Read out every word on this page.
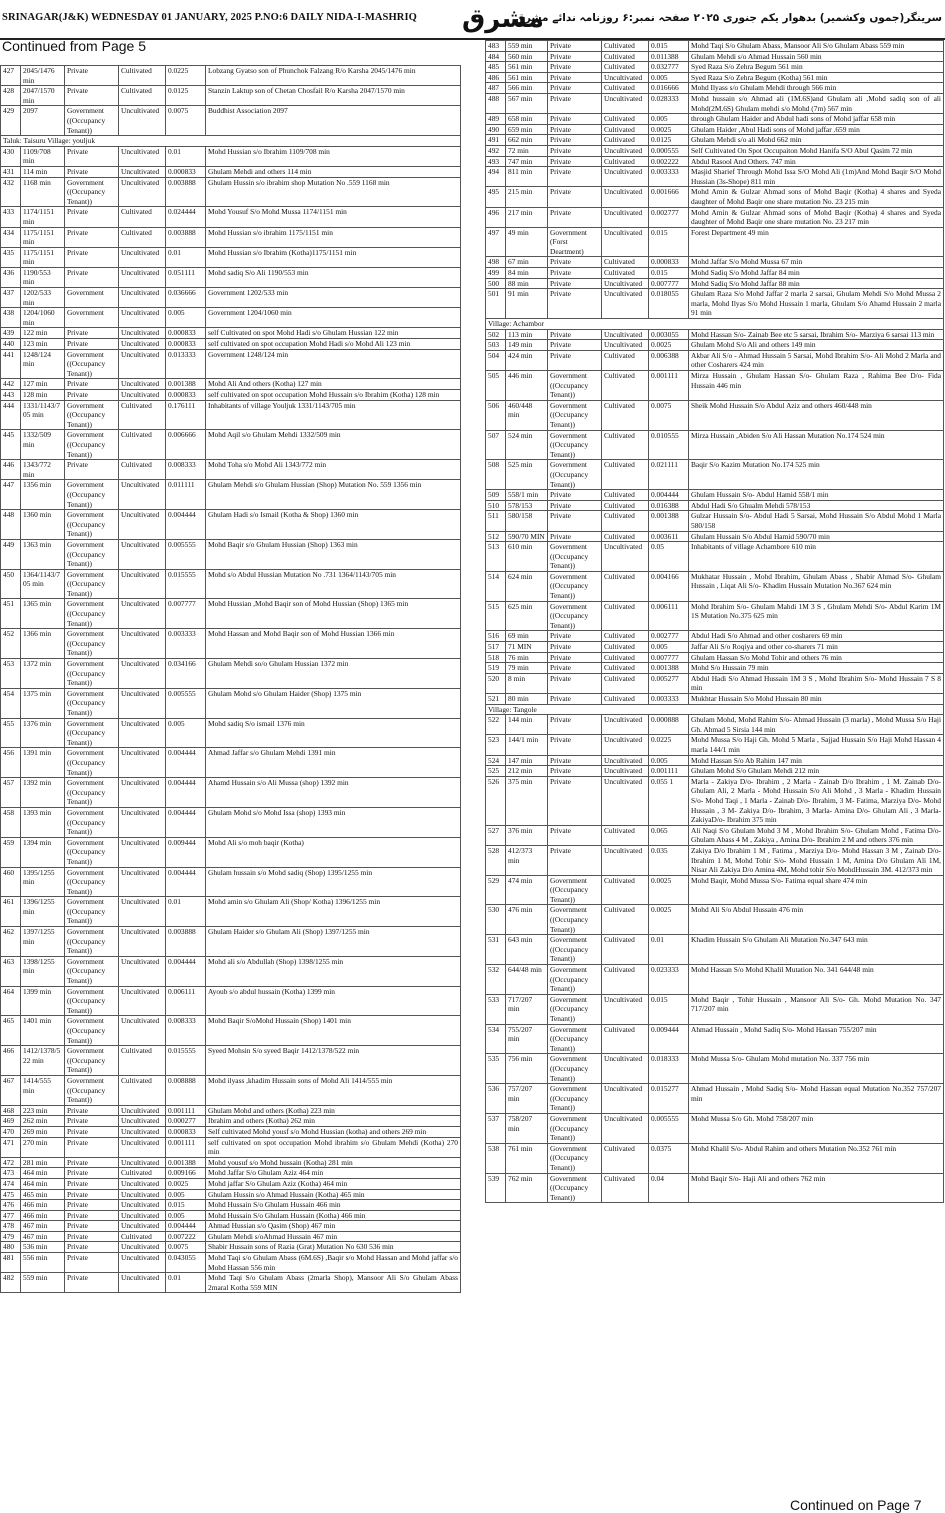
SRINAGAR(J&K) WEDNESDAY 01 JANUARY, 2025 P.NO:6 DAILY NIDA-I-MASHRIQ	مشرق
سرینگر(جموں وکشمیر) بدھوار یکم جنوری ۲۰۲۵ صفحہ نمبر:۶ روزنامہ ندائے مشرق
Continued from Page 5
427	2045/1476 min	Private	Cultivated	0.0225	Lobzang Gyatso son of Phunchok Falzang R/o Karsha 2045/1476 min
428	2047/1570 min	Private	Cultivated	0.0125	Stanzin Laktup son of Chetan Chosfail R/o Karsha 2047/1570 min
429	2097	Government ((Occupancy Tenant))	Uncultivated	0.0075	Buddhist Association 2097
Taluk: Taisuru Village: youljuk					
430	1109/708 min	Private	Uncultivated	0.01	Mohd Hussian s/o Ibrahim 1109/708 min
431	114 min	Private	Uncultivated	0.000833	Ghulam Mehdi and others 114 min
432	1168 min	Government ((Occupancy Tenant))	Uncultivated	0.003888	Ghulam Hussin s/o ibrahim shop Mutation No .559 1168 min
433	1174/1151 min	Private	Cultivated	0.024444	Mohd Yousuf S/o Mohd Mussa 1174/1151 min
434	1175/1151 min	Private	Cultivated	0.003888	Mohd Hussian s/o ibrahim 1175/1151 min
435	1175/1151 min	Private	Uncultivated	0.01	Mohd Hussian s/o Ibrahim (Kotha)1175/1151 min
436	1190/553 min	Private	Uncultivated	0.051111	Mohd sadiq S/o Ali 1190/553 min
437	1202/533 min	Government	Uncultivated	0.036666	Government 1202/533 min
438	1204/1060 min	Government	Uncultivated	0.005	Government 1204/1060 min
439	122 min	Private	Uncultivated	0.000833	self Cultivated on spot Mohd Hadi s/o Ghulam Hussian 122 min
440	123 min	Private	Uncultivated	0.000833	self cultivated on spot occupation Mohd Hadi s/o Mohd Ali 123 min
441	1248/124 min	Government ((Occupancy Tenant))	Uncultivated	0.013333	Government 1248/124 min
442	127 min	Private	Uncultivated	0.001388	Mohd Ali And others (Kotha) 127 min
443	128 min	Private	Uncultivated	0.000833	self cultivated on spot occupation Mohd Hussain s/o Ibrahim (Kotha) 128 min
444	1331/1143/705 min	Government ((Occupancy Tenant))	Cultivated	0.176111	Inhabitants of village Youljuk 1331/1143/705 min
445	1332/509 min	Government ((Occupancy Tenant))	Cultivated	0.006666	Mohd Aqil s/o Ghulam Mehdi 1332/509 min
446	1343/772 min	Private	Cultivated	0.008333	Mohd Toha s/o Mohd Ali 1343/772 min
447	1356 min	Government ((Occupancy Tenant))	Uncultivated	0.011111	Ghulam Mehdi s/o Ghulam Hussian (Shop) Mutation No. 559 1356 min
448	1360 min	Government ((Occupancy Tenant))	Uncultivated	0.004444	Ghulam Hadi s/o Ismail (Kotha & Shop) 1360 min
449	1363 min	Government ((Occupancy Tenant))	Uncultivated	0.005555	Mohd Baqir s/o Ghulam Hussian (Shop) 1363 min
450	1364/1143/705 min	Government ((Occupancy Tenant))	Uncultivated	0.015555	Mohd s/o Abdul Hussian Mutation No .731 1364/1143/705 min
451	1365 min	Government ((Occupancy Tenant))	Uncultivated	0.007777	Mohd Hussian ,Mohd Baqir son of Mohd Hussian (Shop) 1365 min
452	1366 min	Government ((Occupancy Tenant))	Uncultivated	0.003333	Mohd Hassan and Mohd Baqir son of Mohd Hussian 1366 min
453	1372 min	Government ((Occupancy Tenant))	Uncultivated	0.034166	Ghulam Mehdi so/o Ghulam Hussian 1372 min
454	1375 min	Government ((Occupancy Tenant))	Uncultivated	0.005555	Ghulam Mohd s/o Ghulam Haider (Shop) 1375 min
455	1376 min	Government ((Occupancy Tenant))	Uncultivated	0.005	Mohd sadiq S/o ismail 1376 min
456	1391 min	Government ((Occupancy Tenant))	Uncultivated	0.004444	Ahmad Jaffar s/o Ghulam Mehdi 1391 min
457	1392 min	Government ((Occupancy Tenant))	Uncultivated	0.004444	Ahamd Hussain s/o Ali Mussa (shop) 1392 min
458	1393 min	Government ((Occupancy Tenant))	Uncultivated	0.004444	Ghulam Mohd s/o Mohd Issa (shop) 1393 min
459	1394 min	Government ((Occupancy Tenant))	Uncultivated	0.009444	Mohd Ali s/o moh baqir (Kotha)
460	1395/1255 min	Government ((Occupancy Tenant))	Uncultivated	0.004444	Ghulam hussain s/o Mohd sadiq (Shop) 1395/1255 min
461	1396/1255 min	Government ((Occupancy Tenant))	Uncultivated	0.01	Mohd amin s/o Ghulam Ali (Shop/ Kotha) 1396/1255 min
462	1397/1255 min	Government ((Occupancy Tenant))	Uncultivated	0.003888	Ghulam Haider s/o Ghulam Ali (Shop) 1397/1255 min
463	1398/1255 min	Government ((Occupancy Tenant))	Uncultivated	0.004444	Mohd ali s/o Abdullah (Shop) 1398/1255 min
464	1399 min	Government ((Occupancy Tenant))	Uncultivated	0.006111	Ayoub s/o abdul hussain (Kotha) 1399 min
465	1401 min	Government ((Occupancy Tenant))	Uncultivated	0.008333	Mohd Baqir S/oMohd Hussain (Shop) 1401 min
466	1412/1378/522 min	Government ((Occupancy Tenant))	Cultivated	0.015555	Syeed Mohsin S/o syeed Baqir 1412/1378/522 min
467	1414/555 min	Government ((Occupancy Tenant))	Cultivated	0.008888	Mohd ilyass ,khadim Hussain sons of Mohd Ali 1414/555 min
468	223 min	Private	Uncultivated	0.001111	Ghulam Mohd and others (Kotha) 223 min
469	262 min	Private	Uncultivated	0.000277	Ibrahim and others (Kotha) 262 min
470	269 min	Private	Uncultivated	0.000833	Self cultivated Mohd yousf s/o Mohd Hussian (kotha) and others 269 min
471	270 min	Private	Uncultivated	0.001111	self cultivated on spot occupation Mohd ibrahim s/o Ghulam Mehdi (Kotha) 270 min
472	281 min	Private	Uncultivated	0.001388	Mohd yousuf s/o Mohd hussain (Kotha) 281 min
473	464 min	Private	Cultivated	0.009166	Mohd Jaffar S/o Ghulam Aziz 464 min
474	464 min	Private	Uncultivated	0.0025	Mohd jaffar S/o Ghulam Aziz (Kotha) 464 min
475	465 min	Private	Uncultivated	0.005	Ghulam Hussin s/o Ahmad Hussain (Kotha) 465 min
476	466 min	Private	Uncultivated	0.015	Mohd Hussain S/o Ghulam Hussain 466 min
477	466 min	Private	Uncultivated	0.005	Mohd Hussain S/o Ghulam Hussain (Kotha) 466 min
478	467 min	Private	Uncultivated	0.004444	Ahmad Hussian s/o Qasim (Shop) 467 min
479	467 min	Private	Cultivated	0.007222	Ghulam Mehdi s/oAhmad Hussain 467 min
480	536 min	Private	Uncultivated	0.0075	Shabir Hussain sons of Razia (Grat) Mutation No 630 536 min
481	556 min	Private	Uncultivated	0.043055	Mohd Taqi s/o Ghulam Abass (6M.6S) ,Baqir s/o Mohd Hassan and Mohd jaffar s/o Mohd Hassan 556 min
482	559 min	Private	Uncultivated	0.01	Mohd Taqi S/o Ghulam Abass (2marla Shop), Mansoor Ali S/o Ghulam Abass 2maral Kotha 559 MIN
483	559 min	Private	Cultivated	0.015	Mohd Taqi S/o Ghulam Abass, Mansoor Ali S/o Ghulam Abass 559 min
484	560 min	Private	Cultivated	0.011388	Ghulam Mehdi s/o Ahmad Hussain 560 min
485	561 min	Private	Cultivated	0.032777	Syed Raza S/o Zehra Begum 561 min
486	561 min	Private	Uncultivated	0.005	Syed Raza S/o Zehra Begum (Kotha) 561 min
487	566 min	Private	Cultivated	0.016666	Mohd Ilyass s/o Ghulam Mehdi through 566 min
488	567 min	Private	Uncultivated	0.028333	Mohd hussain s/o Ahmad ali (1M.6S)and Ghulam ali ,Mohd sadiq son of ali Mohd(2M.6S) Ghulam mehdi s/o Mohd (7m) 567 min
489	658 min	Private	Cultivated	0.005	through Ghulam Haider and Abdul hadi sons of Mohd jaffar 658 min
490	659 min	Private	Cultivated	0.0025	Ghulam Haider ,Abul Hadi sons of Mohd jaffar .659 min
491	662 min	Private	Cultivated	0.0125	Ghulam Mehdi s/o ali Mohd 662 min
492	72 min	Private	Uncultivated	0.000555	Self Cultivated On Spot Occupaiton Mohd Hanifa S/O Abul Qasim 72 min
493	747 min	Private	Cultivated	0.002222	Abdul Rasool And Others. 747 min
494	811 min	Private	Uncultivated	0.003333	Masjid Sharief Through Mohd Issa S/O Mohd Ali (1m)And Mohd Baqir S/O Mohd Hussian (3s-Shope) 811 min
495	215 min	Private	Uncultivated	0.001666	Mohd Amin & Gulzar Ahmad sons of Mohd Baqir (Kotha) 4 shares and Syeda daughter of Mohd Baqir one share mutation No. 23 215 min
496	217 min	Private	Uncultivated	0.002777	Mohd Amin & Gulzar Ahmad sons of Mohd Baqir (Kotha) 4 shares and Syeda daughter of Mohd Baqir one share mutation No. 23 217 min
497	49 min	Government (Forst Deartment)	Uncultivated	0.015	Forest Department 49 min
498	67 min	Private	Cultivated	0.000833	Mohd Jaffar S/o Mohd Mussa 67 min
499	84 min	Private	Cultivated	0.015	Mohd Sadiq S/o Mohd Jaffar 84 min
500	88 min	Private	Uncultivated	0.007777	Mohd Sadiq S/o Mohd Jaffar 88 min
501	91 min	Private	Uncultivated	0.018055	Ghulam Raza S/o Mohd Jaffar 2 marla 2 sarsai, Ghulam Mehdi S/o Mohd Mussa 2 marla, Mohd Ilyas S/o Mohd Hussain 1 marla, Ghulam S/o Ahamd Hussain 2 marla 91 min
Village: Achambor					
502	113 min	Private	Uncultivated	0.003055	Mohd Hassan S/o- Zainab Bee etc 5 sarsai, Ibrahim S/o- Marziya 6 sarsai 113 min
503	149 min	Private	Uncultivated	0.0025	Ghulam Mohd S/o Ali and others 149 min
504	424 min	Private	Cultivated	0.006388	Akbar Ali S/o - Ahmad Hussain 5 Sarsai, Mohd Ibrahim S/o- Ali Mohd 2 Marla and other Cosharers 424 min
505	446 min	Government ((Occupancy Tenant))	Cultivated	0.001111	Mirza Hussain , Ghulam Hassan S/o- Ghulam Raza , Rahima Bee D/o- Fida Hussain 446 min
506	460/448 min	Government ((Occupancy Tenant))	Cultivated	0.0075	Sheik Mohd Hussain S/o Abdul Aziz and others 460/448 min
507	524 min	Government ((Occupancy Tenant))	Cultivated	0.010555	Mirza Hussain ,Abiden S/o Ali Hassan Mutation No.174 524 min
508	525 min	Government ((Occupancy Tenant))	Cultivated	0.021111	Baqir S/o Kazim Mutation No.174 525 min
509	558/1 min	Private	Cultivated	0.004444	Ghulam Hussain S/o- Abdul Hamid 558/1 min
510	578/153	Private	Cultivated	0.016388	Abdul Hadi S/o Ghualm Mehdi 578/153
511	580/158	Private	Cultivated	0.001388	Gulzar Hussain S/o- Abdul Hadi 5 Sarsai, Mohd Hussain S/o Abdul Mohd 1 Marla 580/158
512	590/70 MIN	Private	Cultivated	0.003611	Ghulam Hussain S/o Abdul Hamid 590/70 min
513	610 min	Government ((Occupancy Tenant))	Uncultivated	0.05	Inhabitants of village Achambore 610 min
514	624 min	Government ((Occupancy Tenant))	Cultivated	0.004166	Mukhatar Hussain , Mohd Ibrahim, Ghulam Abass , Shabir Ahmad S/o- Ghulam Hussain , Liqat Ali S/o- Khadim Hussain Mutation No.367 624 min
515	625 min	Government ((Occupancy Tenant))	Cultivated	0.006111	Mohd Ibrahim S/o- Ghulam Mahdi 1M 3 S , Ghulam Mehdi S/o- Abdul Karim 1M 1S Mutation No.375 625 min
516	69 min	Private	Cultivated	0.002777	Abdul Hadi S/o Ahmad and other cosharers 69 min
517	71 MIN	Private	Cultivated	0.005	Jaffar Ali S/o Roqiya and other co-sharers 71 min
518	76 min	Private	Cultivated	0.007777	Ghulam Hassan S/o Mohd Tohir and others 76 min
519	79 min	Private	Cultivated	0.001388	Mohd S/o Hussain 79 min
520	8 min	Private	Cultivated	0.005277	Abdul Hadi S/o Ahmad Hussain 1M 3 S , Mohd Ibrahim S/o- Mohd Hussain 7 S 8 min
521	80 min	Private	Cultivated	0.003333	Mukhtar Hussain S/o Mohd Hussain 80 min
Village: Tangole					
522	144 min	Private	Uncultivated	0.000888	Ghulam Mohd, Mohd Rahim S/o- Ahmad Hussain (3 marla) , Mohd Mussa S/o Haji Gh. Ahmad 5 Sirsia 144 min
523	144/1 min	Private	Uncultivated	0.0225	Mohd Mussa S/o Haji Gh. Mohd 5 Marla , Sajjad Hussain S/o Haji Mohd Hassan 4 marla 144/1 min
524	147 min	Private	Uncultivated	0.005	Mohd Hassan S/o Ab Rahim 147 min
525	212 min	Private	Uncultivated	0.001111	Ghulam Mohd S/o Ghulam Mehdi 212 min
526	375 min	Private	Uncultivated	0.055 1	Marla - Zakiya D/o- Ibrahim , 2 Marla - Zainab D/o Ibrahim , 1 M. Zainab D/o- Ghulam Ali, 2 Marla - Mohd Hussain S/o Ali Mohd , 3 Marla - Khadim Hussain S/o- Mohd Taqi , 1 Marla - Zainab D/o- Ibrahim, 3 M- Fatima, Marziya D/o- Mohd Hussain , 3 M- Zakiya D/o- Ibrahim, 3 Marla- Amina D/o- Ghulam Ali , 3 Marla- ZakiyaD/o- Ibrahim 375 min
527	376 min	Private	Cultivated	0.065	Ali Naqi S/o Ghulam Mohd 3 M , Mohd Ibrahim S/o- Ghulam Mohd , Fatima D/o- Ghulam Abass 4 M , Zakiya , Amina D/o- Ibrahim 2 M and others 376 min
528	412/373 min	Private	Uncultivated	0.035	Zakiya D/o Ibrahim 1 M , Fatima , Marziya D/o- Mohd Hassan 3 M , Zainab D/o-Ibrahim 1 M, Mohd Tohir S/o- Mohd Hussain 1 M, Amina D/o Ghulam Ali 1M, Nisar Ali Zakiya D/o Amina 4M, Mohd tohir S/o MohdHussain 3M. 412/373 min
529	474 min	Government ((Occupancy Tenant))	Cultivated	0.0025	Mohd Baqir, Mohd Mussa S/o- Fatima equal share 474 min
530	476 min	Government ((Occupancy Tenant))	Cultivated	0.0025	Mohd Ali S/o Abdul Hussain 476 min
531	643 min	Government ((Occupancy Tenant))	Cultivated	0.01	Khadim Hussain S/o Ghulam Ali Mutation No.347 643 min
532	644/48 min	Government ((Occupancy Tenant))	Cultivated	0.023333	Mohd Hassan S/o Mohd Khalil Mutation No. 341 644/48 min
533	717/207 min	Government ((Occupancy Tenant))	Uncultivated	0.015	Mohd Baqir , Tohir Hussain , Mansoor Ali S/o- Gh. Mohd Mutation No. 347 717/207 min
534	755/207 min	Government ((Occupancy Tenant))	Cultivated	0.009444	Ahmad Hussain , Mohd Sadiq S/o- Mohd Hassan 755/207 min
535	756 min	Government ((Occupancy Tenant))	Uncultivated	0.018333	Mohd Mussa S/o- Ghulam Mohd mutation No. 337 756 min
536	757/207 min	Government ((Occupancy Tenant))	Uncultivated	0.015277	Ahmad Hussain , Mohd Sadiq S/o- Mohd Hassan equal Mutation No.352 757/207 min
537	758/207 min	Government ((Occupancy Tenant))	Uncultivated	0.005555	Mohd Mussa S/o Gh. Mohd 758/207 min
538	761 min	Government ((Occupancy Tenant))	Cultivated	0.0375	Mohd Khalil S/o- Abdul Rahim and others Mutation No.352 761 min
539	762 min	Government ((Occupancy Tenant))	Cultivated	0.04	Mohd Baqir S/o- Haji Ali and others 762 min
Continued on Page 7
